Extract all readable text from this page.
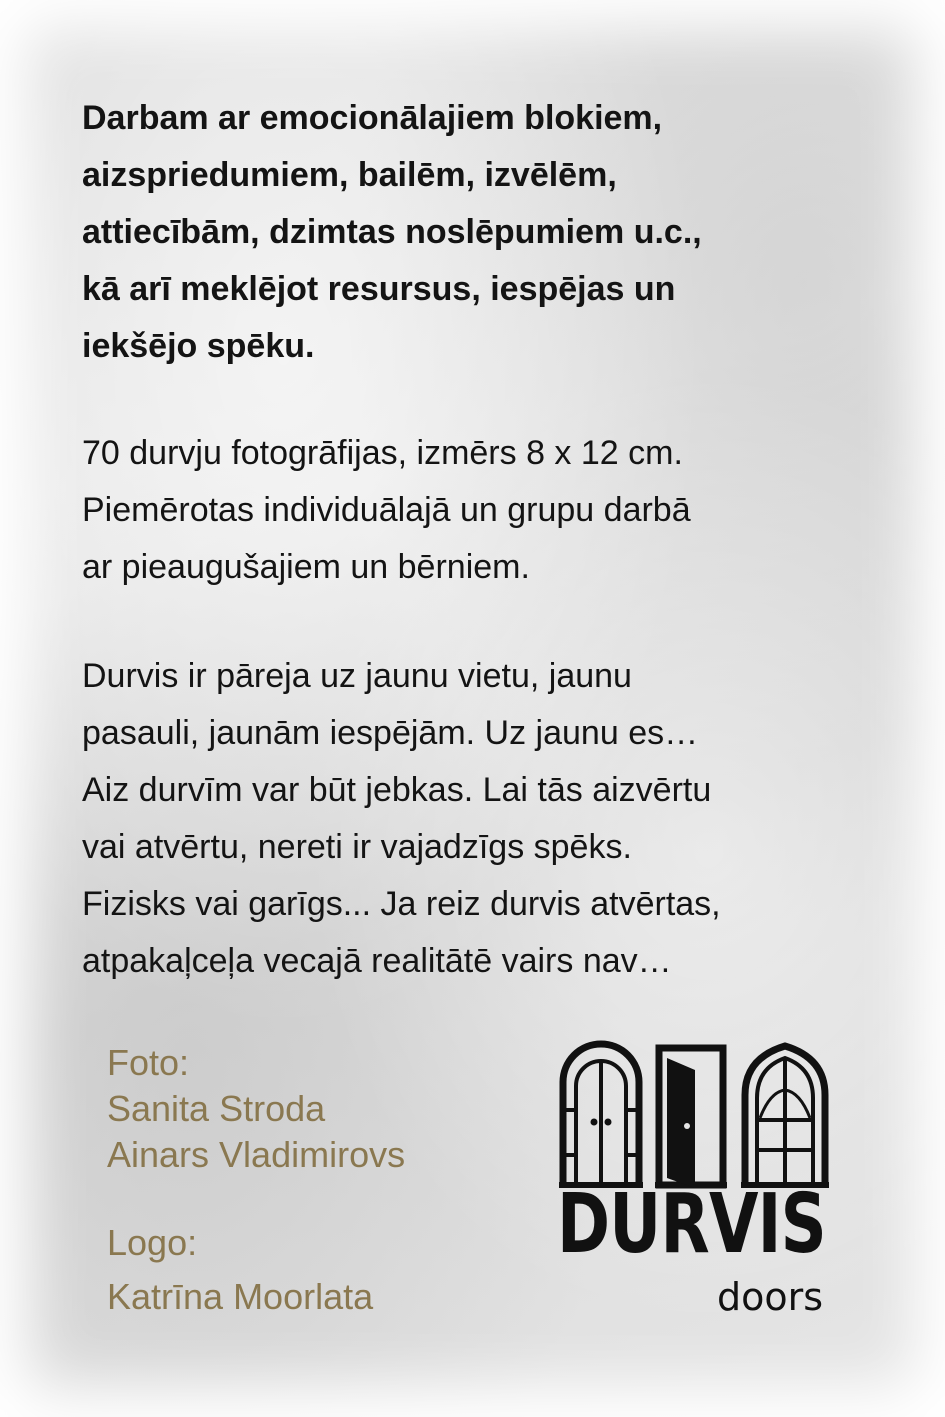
Darbam ar emocionālajiem blokiem,
aizspriedumiem, bailēm, izvēlēm,
attiecībām, dzimtas noslēpumiem u.c.,
kā arī meklējot resursus, iespējas un
iekšējo spēku.
70 durvju fotogrāfijas, izmērs 8 x 12 cm.
Piemērotas individuālajā un grupu darbā
ar pieaugušajiem un bērniem.
Durvis ir pāreja uz jaunu vietu, jaunu
pasauli, jaunām iespējām. Uz jaunu es…
Aiz durvīm var būt jebkas. Lai tās aizvērtu
vai atvērtu, nereti ir vajadzīgs spēks.
Fizisks vai garīgs... Ja reiz durvis atvērtas,
atpakaļceļa vecajā realitātē vairs nav…
Foto:
Sanita Stroda
Ainars Vladimirovs
Logo:
Katrīna Moorlata
DURVIS
doors
